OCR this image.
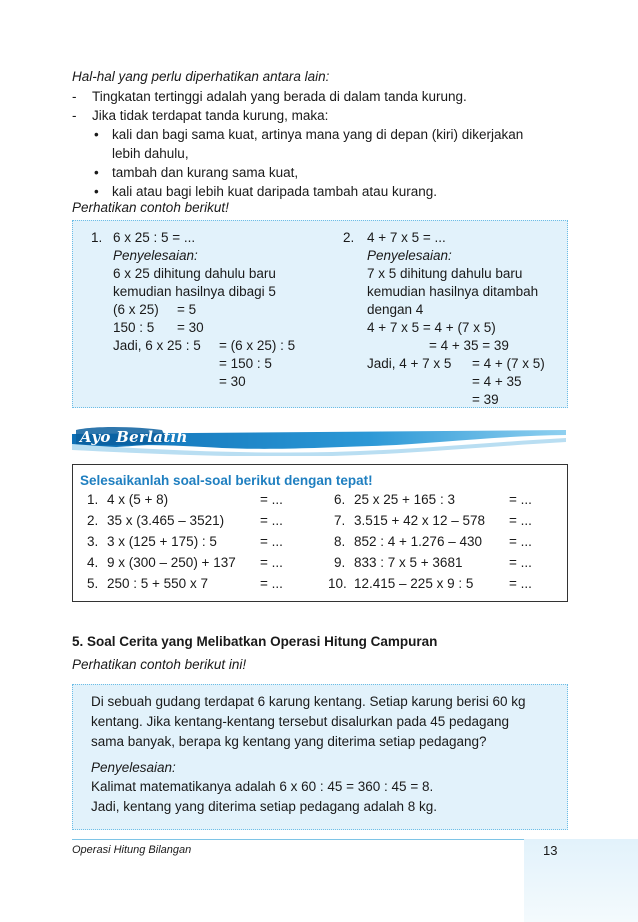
Hal-hal yang perlu diperhatikan antara lain:
- Tingkatan tertinggi adalah yang berada di dalam tanda kurung.
- Jika tidak terdapat tanda kurung, maka:
• kali dan bagi sama kuat, artinya mana yang di depan (kiri) dikerjakan
lebih dahulu,
• tambah dan kurang sama kuat,
• kali atau bagi lebih kuat daripada tambah atau kurang.
Perhatikan contoh berikut!
1. 6 x 25 : 5 = ...
Penyelesaian:
6 x 25 dihitung dahulu baru
kemudian hasilnya dibagi 5
(6 x 25) = 5
150 : 5 = 30
Jadi, 6 x 25 : 5 = (6 x 25) : 5
= 150 : 5
= 30
2. 4 + 7 x 5 = ...
Penyelesaian:
7 x 5 dihitung dahulu baru
kemudian hasilnya ditambah
dengan 4
4 + 7 x 5 = 4 + (7 x 5)
= 4 + 35 = 39
Jadi, 4 + 7 x 5 = 4 + (7 x 5)
= 4 + 35
= 39
Ayo Berlatih
Selesaikanlah soal-soal berikut dengan tepat!
1. 4 x (5 + 8)	= ...
2. 35 x (3.465 – 3521)	= ...
3. 3 x (125 + 175) : 5	= ...
4. 9 x (300 – 250) + 137 = ...
5. 250 : 5 + 550 x 7	= ...
6. 25 x 25 + 165 : 3	= ...
7. 3.515 + 42 x 12 – 578 = ...
8. 852 : 4 + 1.276 – 430 = ...
9. 833 : 7 x 5 + 3681	= ...
10. 12.415 – 225 x 9 : 5	= ...
5. Soal Cerita yang Melibatkan Operasi Hitung Campuran
Perhatikan contoh berikut ini!
Di sebuah gudang terdapat 6 karung kentang. Setiap karung berisi 60 kg
kentang. Jika kentang-kentang tersebut disalurkan pada 45 pedagang
sama banyak, berapa kg kentang yang diterima setiap pedagang?
Penyelesaian:
Kalimat matematikanya adalah 6 x 60 : 45 = 360 : 45 = 8.
Jadi, kentang yang diterima setiap pedagang adalah 8 kg.
Operasi Hitung Bilangan	13
